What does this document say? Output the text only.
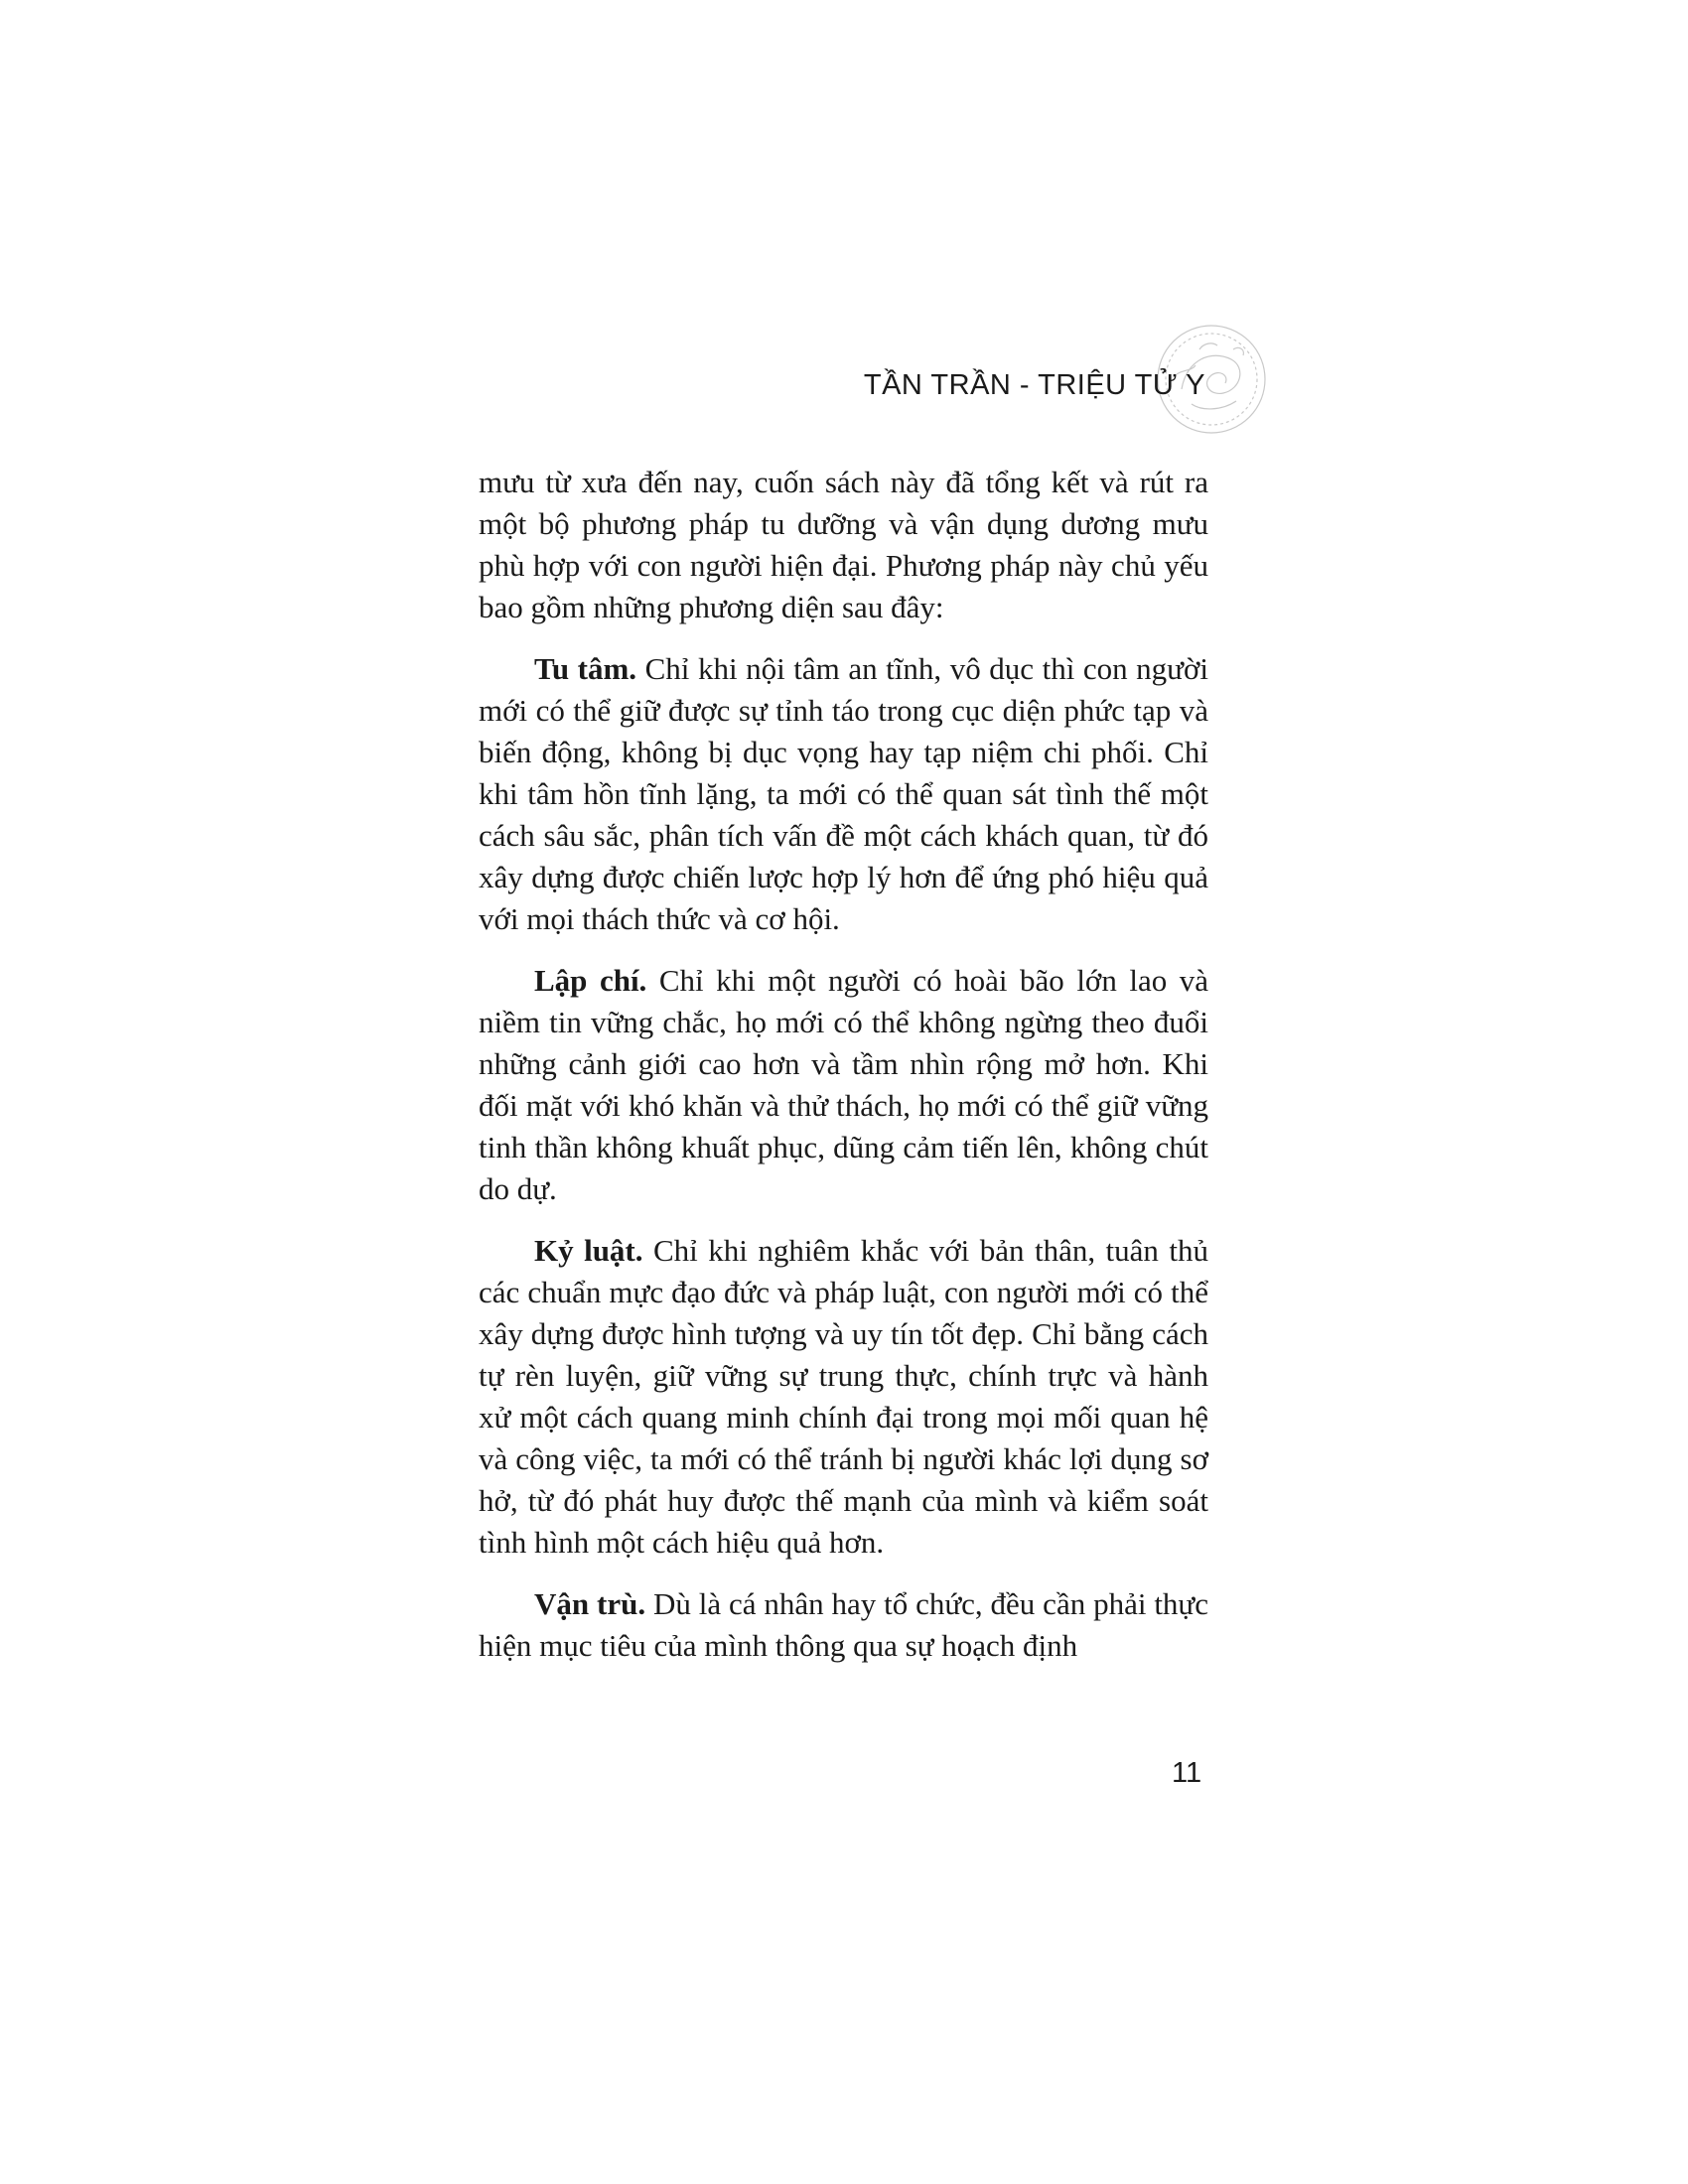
TẦN TRẦN - TRIỆU TỬ Y

mưu từ xưa đến nay, cuốn sách này đã tổng kết và rút ra một bộ phương pháp tu dưỡng và vận dụng dương mưu phù hợp với con người hiện đại. Phương pháp này chủ yếu bao gồm những phương diện sau đây:

Tu tâm. Chỉ khi nội tâm an tĩnh, vô dục thì con người mới có thể giữ được sự tỉnh táo trong cục diện phức tạp và biến động, không bị dục vọng hay tạp niệm chi phối. Chỉ khi tâm hồn tĩnh lặng, ta mới có thể quan sát tình thế một cách sâu sắc, phân tích vấn đề một cách khách quan, từ đó xây dựng được chiến lược hợp lý hơn để ứng phó hiệu quả với mọi thách thức và cơ hội.

Lập chí. Chỉ khi một người có hoài bão lớn lao và niềm tin vững chắc, họ mới có thể không ngừng theo đuổi những cảnh giới cao hơn và tầm nhìn rộng mở hơn. Khi đối mặt với khó khăn và thử thách, họ mới có thể giữ vững tinh thần không khuất phục, dũng cảm tiến lên, không chút do dự.

Kỷ luật. Chỉ khi nghiêm khắc với bản thân, tuân thủ các chuẩn mực đạo đức và pháp luật, con người mới có thể xây dựng được hình tượng và uy tín tốt đẹp. Chỉ bằng cách tự rèn luyện, giữ vững sự trung thực, chính trực và hành xử một cách quang minh chính đại trong mọi mối quan hệ và công việc, ta mới có thể tránh bị người khác lợi dụng sơ hở, từ đó phát huy được thế mạnh của mình và kiểm soát tình hình một cách hiệu quả hơn.

Vận trù. Dù là cá nhân hay tổ chức, đều cần phải thực hiện mục tiêu của mình thông qua sự hoạch định

11
